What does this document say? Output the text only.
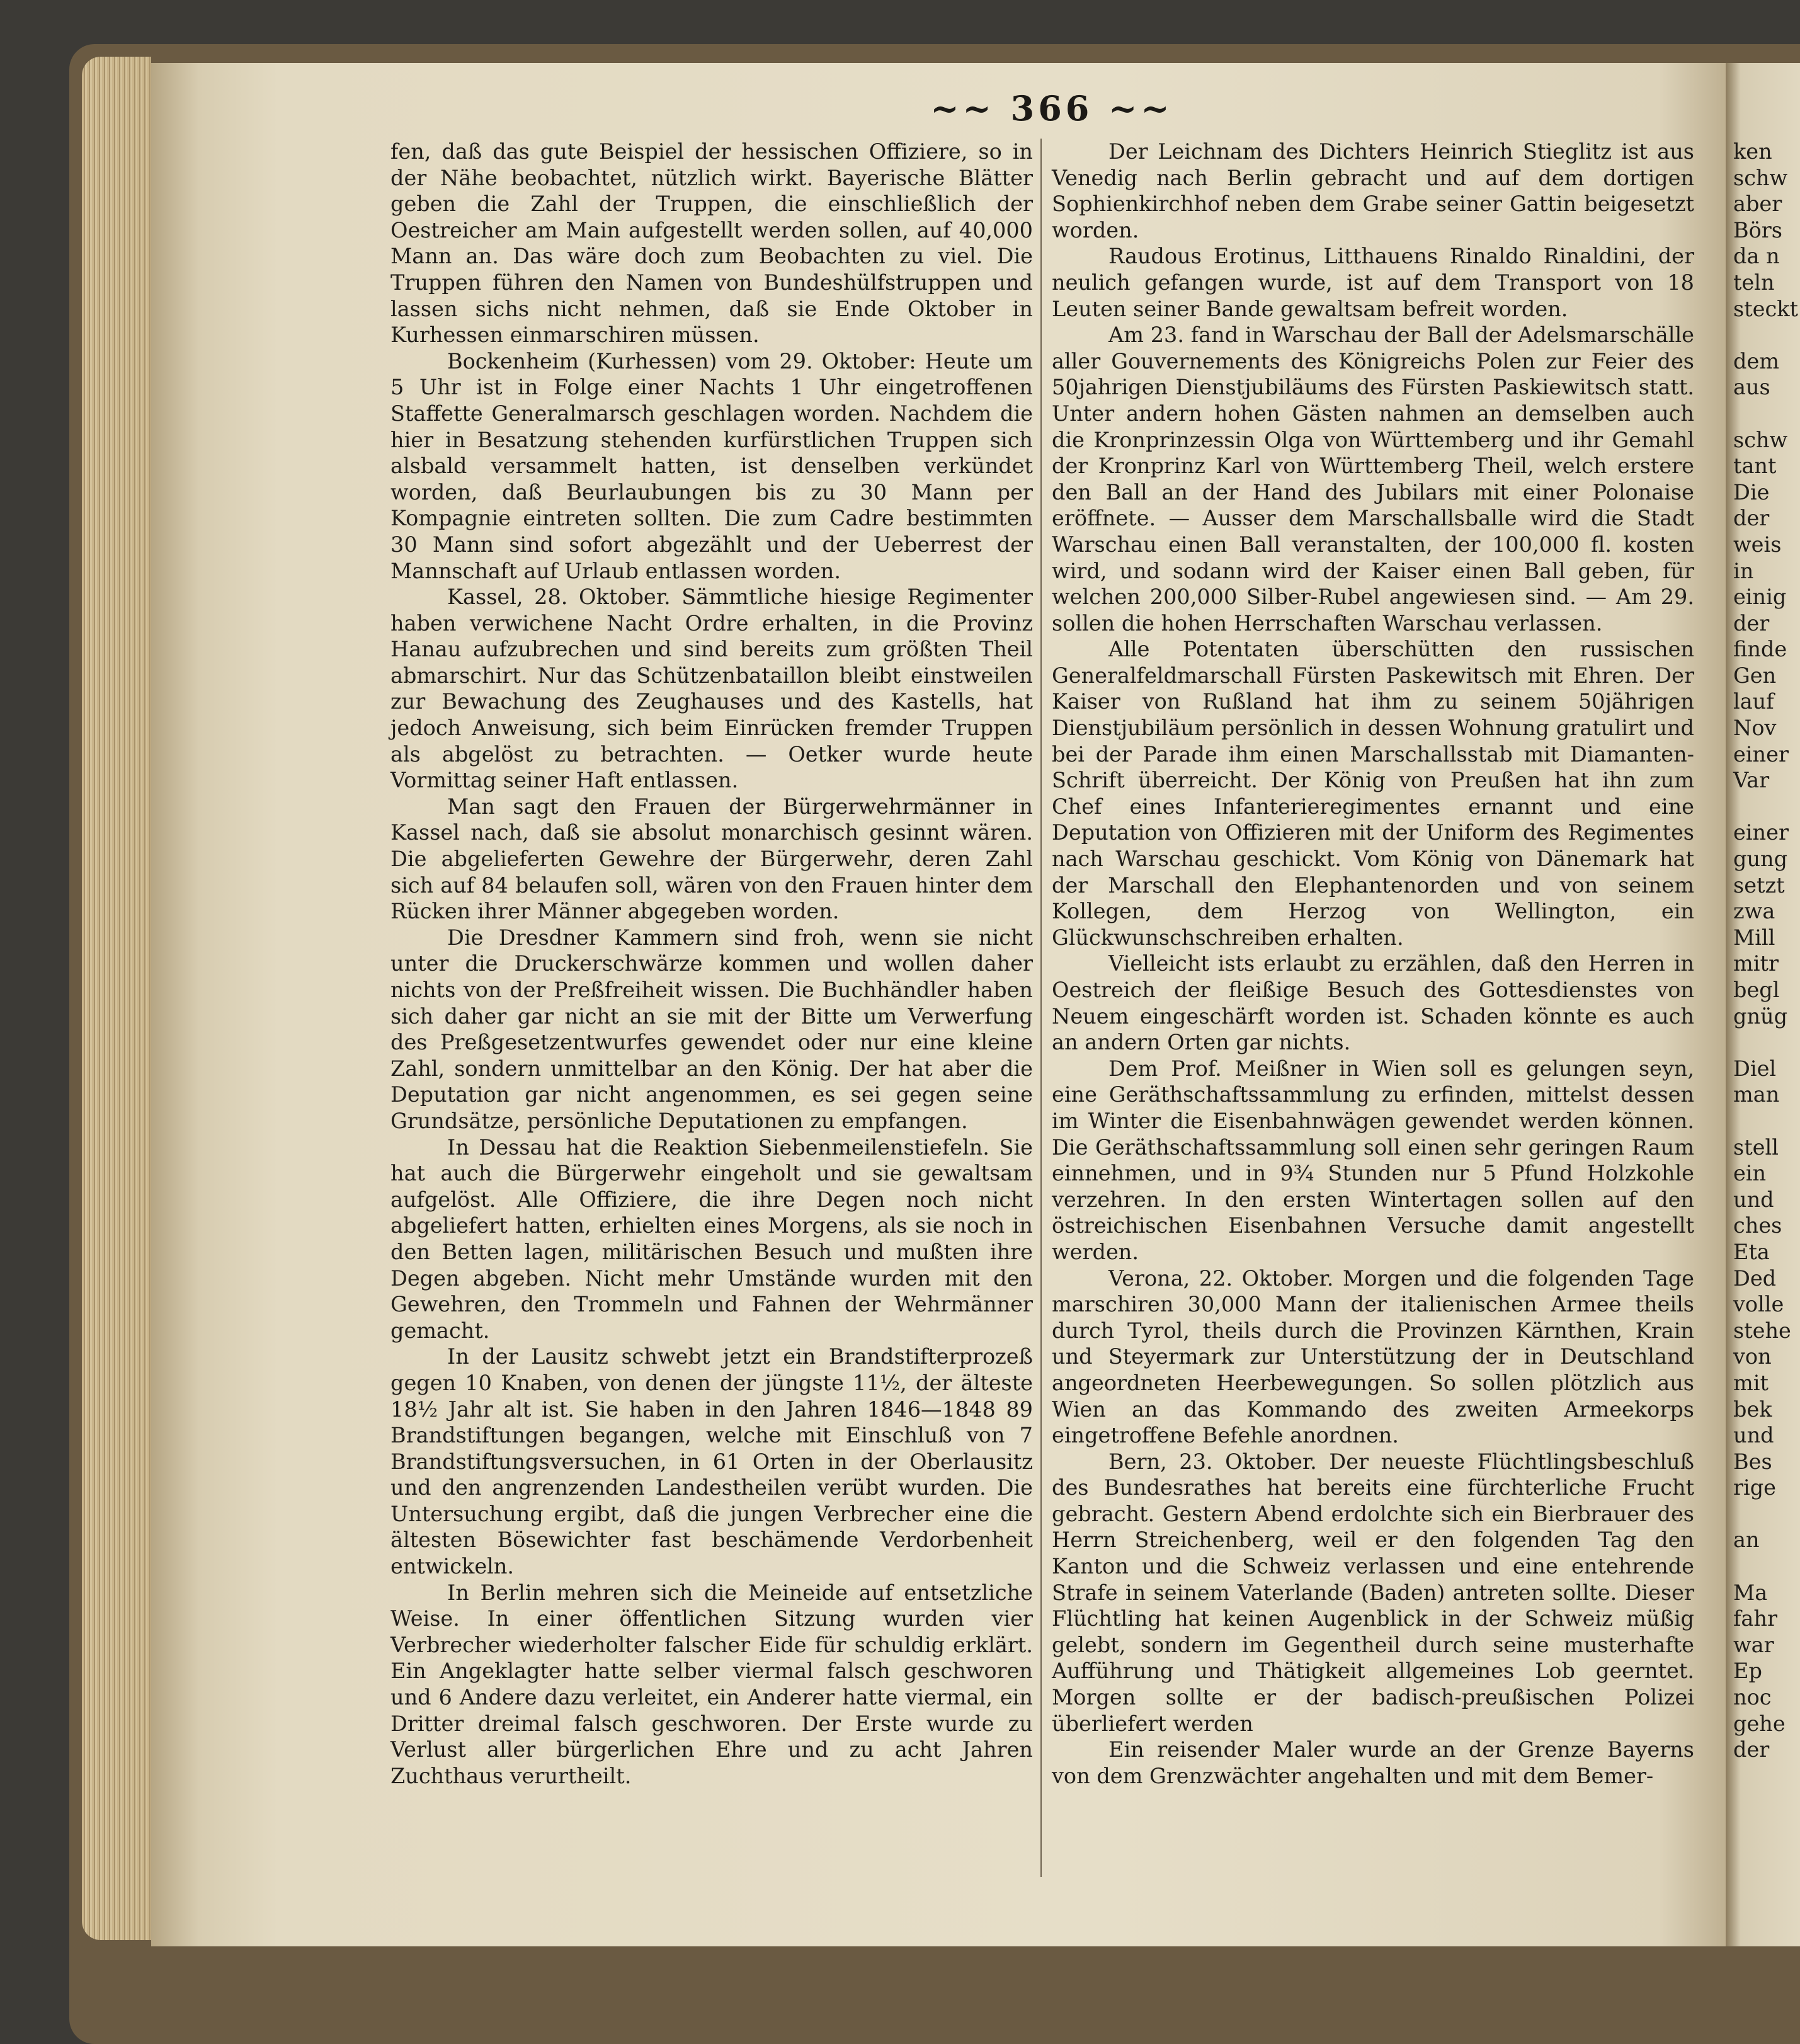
~~ 366 ~~

fen, daß das gute Beispiel der hessischen Offiziere, so in der Nähe beobachtet, nützlich wirkt. Bayerische Blätter geben die Zahl der Truppen, die einschließlich der Oestreicher am Main aufgestellt werden sollen, auf 40,000 Mann an. Das wäre doch zum Beobachten zu viel. Die Truppen führen den Namen von Bundeshülfstruppen und lassen sichs nicht nehmen, daß sie Ende Oktober in Kurhessen einmarschiren müssen.

Bockenheim (Kurhessen) vom 29. Oktober: Heute um 5 Uhr ist in Folge einer Nachts 1 Uhr eingetroffenen Staffette Generalmarsch geschlagen worden. Nachdem die hier in Besatzung stehenden kurfürstlichen Truppen sich alsbald versammelt hatten, ist denselben verkündet worden, daß Beurlaubungen bis zu 30 Mann per Kompagnie eintreten sollten. Die zum Cadre bestimmten 30 Mann sind sofort abgezählt und der Ueberrest der Mannschaft auf Urlaub entlassen worden.

Kassel, 28. Oktober. Sämmtliche hiesige Regimenter haben verwichene Nacht Ordre erhalten, in die Provinz Hanau aufzubrechen und sind bereits zum größten Theil abmarschirt. Nur das Schützenbataillon bleibt einstweilen zur Bewachung des Zeughauses und des Kastells, hat jedoch Anweisung, sich beim Einrücken fremder Truppen als abgelöst zu betrachten. — Oetker wurde heute Vormittag seiner Haft entlassen.

Man sagt den Frauen der Bürgerwehrmänner in Kassel nach, daß sie absolut monarchisch gesinnt wären. Die abgelieferten Gewehre der Bürgerwehr, deren Zahl sich auf 84 belaufen soll, wären von den Frauen hinter dem Rücken ihrer Männer abgegeben worden.

Die Dresdner Kammern sind froh, wenn sie nicht unter die Druckerschwärze kommen und wollen daher nichts von der Preßfreiheit wissen. Die Buchhändler haben sich daher gar nicht an sie mit der Bitte um Verwerfung des Preßgesetzentwurfes gewendet oder nur eine kleine Zahl, sondern unmittelbar an den König. Der hat aber die Deputation gar nicht angenommen, es sei gegen seine Grundsätze, persönliche Deputationen zu empfangen.

In Dessau hat die Reaktion Siebenmeilenstiefeln. Sie hat auch die Bürgerwehr eingeholt und sie gewaltsam aufgelöst. Alle Offiziere, die ihre Degen noch nicht abgeliefert hatten, erhielten eines Morgens, als sie noch in den Betten lagen, militärischen Besuch und mußten ihre Degen abgeben. Nicht mehr Umstände wurden mit den Gewehren, den Trommeln und Fahnen der Wehrmänner gemacht.

In der Lausitz schwebt jetzt ein Brandstifterprozeß gegen 10 Knaben, von denen der jüngste 11½, der älteste 18½ Jahr alt ist. Sie haben in den Jahren 1846—1848 89 Brandstiftungen begangen, welche mit Einschluß von 7 Brandstiftungsversuchen, in 61 Orten in der Oberlausitz und den angrenzenden Landestheilen verübt wurden. Die Untersuchung ergibt, daß die jungen Verbrecher eine die ältesten Bösewichter fast beschämende Verdorbenheit entwickeln.

In Berlin mehren sich die Meineide auf entsetzliche Weise. In einer öffentlichen Sitzung wurden vier Verbrecher wiederholter falscher Eide für schuldig erklärt. Ein Angeklagter hatte selber viermal falsch geschworen und 6 Andere dazu verleitet, ein Anderer hatte viermal, ein Dritter dreimal falsch geschworen. Der Erste wurde zu Verlust aller bürgerlichen Ehre und zu acht Jahren Zuchthaus verurtheilt.

Der Leichnam des Dichters Heinrich Stieglitz ist aus Venedig nach Berlin gebracht und auf dem dortigen Sophienkirchhof neben dem Grabe seiner Gattin beigesetzt worden.

Raudous Erotinus, Litthauens Rinaldo Rinaldini, der neulich gefangen wurde, ist auf dem Transport von 18 Leuten seiner Bande gewaltsam befreit worden.

Am 23. fand in Warschau der Ball der Adelsmarschälle aller Gouvernements des Königreichs Polen zur Feier des 50jahrigen Dienstjubiläums des Fürsten Paskiewitsch statt. Unter andern hohen Gästen nahmen an demselben auch die Kronprinzessin Olga von Württemberg und ihr Gemahl der Kronprinz Karl von Württemberg Theil, welch erstere den Ball an der Hand des Jubilars mit einer Polonaise eröffnete. — Ausser dem Marschallsballe wird die Stadt Warschau einen Ball veranstalten, der 100,000 fl. kosten wird, und sodann wird der Kaiser einen Ball geben, für welchen 200,000 Silber-Rubel angewiesen sind. — Am 29. sollen die hohen Herrschaften Warschau verlassen.

Alle Potentaten überschütten den russischen Generalfeldmarschall Fürsten Paskewitsch mit Ehren. Der Kaiser von Rußland hat ihm zu seinem 50jährigen Dienstjubiläum persönlich in dessen Wohnung gratulirt und bei der Parade ihm einen Marschallsstab mit Diamanten-Schrift überreicht. Der König von Preußen hat ihn zum Chef eines Infanterieregimentes ernannt und eine Deputation von Offizieren mit der Uniform des Regimentes nach Warschau geschickt. Vom König von Dänemark hat der Marschall den Elephantenorden und von seinem Kollegen, dem Herzog von Wellington, ein Glückwunschschreiben erhalten.

Vielleicht ists erlaubt zu erzählen, daß den Herren in Oestreich der fleißige Besuch des Gottesdienstes von Neuem eingeschärft worden ist. Schaden könnte es auch an andern Orten gar nichts.

Dem Prof. Meißner in Wien soll es gelungen seyn, eine Geräthschaftssammlung zu erfinden, mittelst dessen im Winter die Eisenbahnwägen gewendet werden können. Die Geräthschaftssammlung soll einen sehr geringen Raum einnehmen, und in 9¾ Stunden nur 5 Pfund Holzkohle verzehren. In den ersten Wintertagen sollen auf den östreichischen Eisenbahnen Versuche damit angestellt werden.

Verona, 22. Oktober. Morgen und die folgenden Tage marschiren 30,000 Mann der italienischen Armee theils durch Tyrol, theils durch die Provinzen Kärnthen, Krain und Steyermark zur Unterstützung der in Deutschland angeordneten Heerbewegungen. So sollen plötzlich aus Wien an das Kommando des zweiten Armeekorps eingetroffene Befehle anordnen.

Bern, 23. Oktober. Der neueste Flüchtlingsbeschluß des Bundesrathes hat bereits eine fürchterliche Frucht gebracht. Gestern Abend erdolchte sich ein Bierbrauer des Herrn Streichenberg, weil er den folgenden Tag den Kanton und die Schweiz verlassen und eine entehrende Strafe in seinem Vaterlande (Baden) antreten sollte. Dieser Flüchtling hat keinen Augenblick in der Schweiz müßig gelebt, sondern im Gegentheil durch seine musterhafte Aufführung und Thätigkeit allgemeines Lob geerntet. Morgen sollte er der badisch-preußischen Polizei überliefert werden

Ein reisender Maler wurde an der Grenze Bayerns von dem Grenzwächter angehalten und mit dem Bemer-

ken
schw
aber
Börs
da n
teln
steckt
dem
aus
schw
tant
Die
der
weis
in
einig
der
finde
Gen
lauf
Nov
einer
Var
einer
gung
setzt
zwa
Mill
mitr
begl
gnüg
Diel
man
stell
ein
und
ches
Eta
Ded
volle
stehe
von
mit
bek
und
Bes
rige
an
Ma
fahr
war
Ep
noc
gehe
der
